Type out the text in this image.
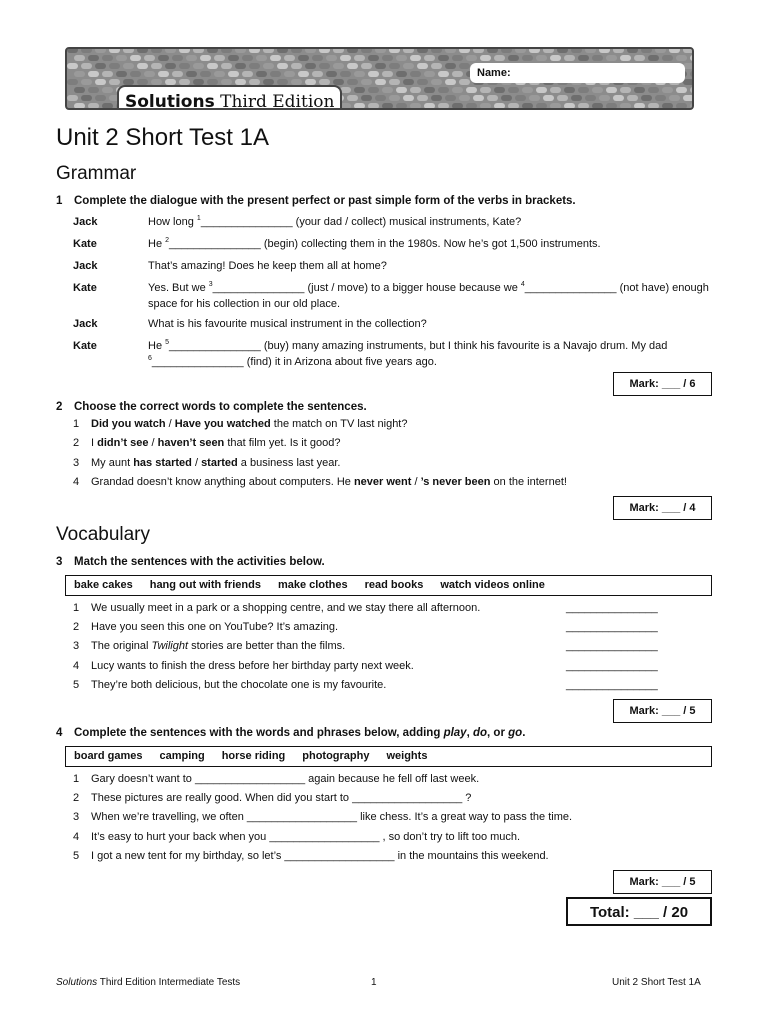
Name:
Solutions Third Edition
Unit 2 Short Test 1A
Grammar
1 Complete the dialogue with the present perfect or past simple form of the verbs in brackets.
Jack	How long $^1$_______________ (your dad / collect) musical instruments, Kate?
Kate	He $^2$_______________ (begin) collecting them in the 1980s. Now he’s got 1,500 instruments.
Jack	That’s amazing! Does he keep them all at home?
Kate	Yes. But we $^3$_______________ (just / move) to a bigger house because we $^4$_______________ (not have) enough space for his collection in our old place.
Jack	What is his favourite musical instrument in the collection?
Kate	He $^5$_______________ (buy) many amazing instruments, but I think his favourite is a Navajo drum. My dad $^6$_______________ (find) it in Arizona about five years ago.
Mark: ___ / 6
2 Choose the correct words to complete the sentences.
1 Did you watch / Have you watched the match on TV last night?
2 I didn’t see / haven’t seen that film yet. Is it good?
3 My aunt has started / started a business last year.
4 Grandad doesn’t know anything about computers. He never went / ’s never been on the internet!
Mark: ___ / 4
Vocabulary
3 Match the sentences with the activities below.
bake cakes hang out with friends make clothes read books watch videos online
1 We usually meet in a park or a shopping centre, and we stay there all afternoon.	_______________
2 Have you seen this one on YouTube? It’s amazing.	_______________
3 The original Twilight stories are better than the films.	_______________
4 Lucy wants to finish the dress before her birthday party next week.	_______________
5 They’re both delicious, but the chocolate one is my favourite.	_______________
Mark: ___ / 5
4 Complete the sentences with the words and phrases below, adding play, do, or go.
board games camping horse riding photography weights
1 Gary doesn’t want to __________________ again because he fell off last week.
2 These pictures are really good. When did you start to __________________ ?
3 When we’re travelling, we often __________________ like chess. It’s a great way to pass the time.
4 It’s easy to hurt your back when you __________________ , so don’t try to lift too much.
5 I got a new tent for my birthday, so let’s __________________ in the mountains this weekend.
Mark: ___ / 5
Total: ___ / 20
Solutions Third Edition Intermediate Tests	1	Unit 2 Short Test 1A
